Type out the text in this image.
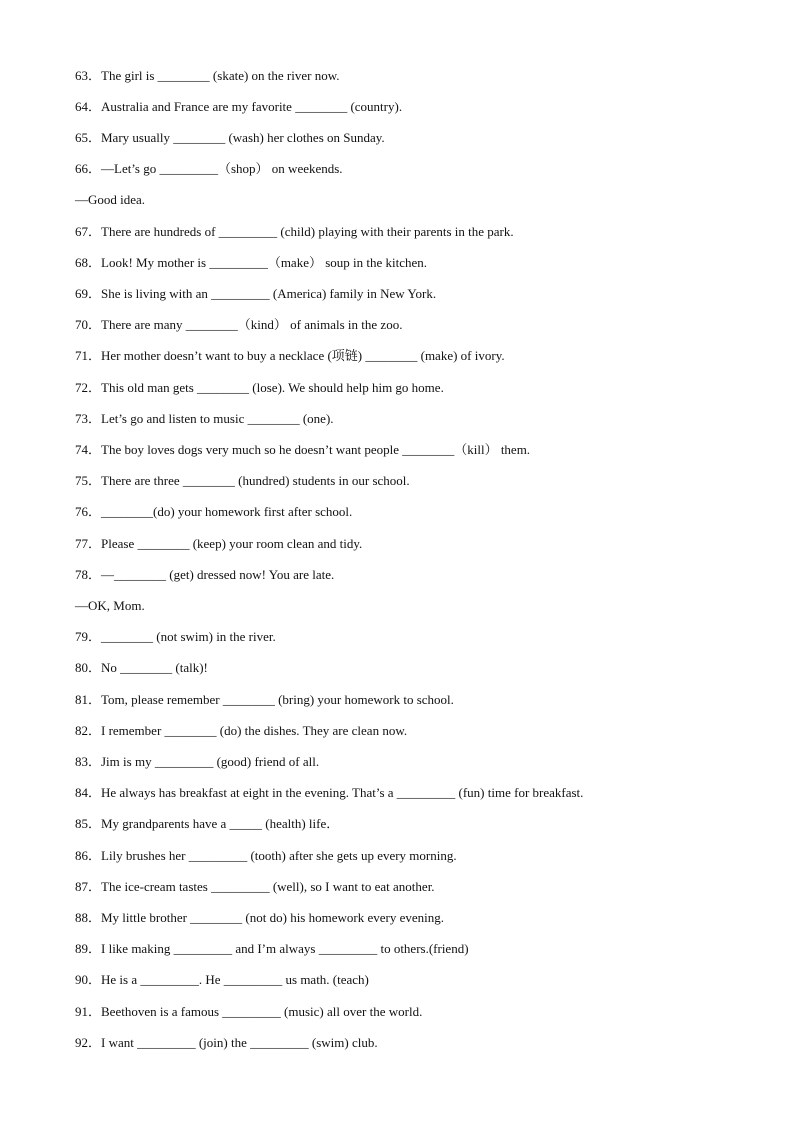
63．The girl is ________ (skate) on the river now.
64．Australia and France are my favorite ________ (country).
65．Mary usually ________ (wash) her clothes on Sunday.
66．—Let’s go _________（shop） on weekends.
—Good idea.
67．There are hundreds of _________ (child) playing with their parents in the park.
68．Look! My mother is _________（make） soup in the kitchen.
69．She is living with an _________ (America) family in New York.
70．There are many ________（kind） of animals in the zoo.
71．Her mother doesn’t want to buy a necklace (项链) ________ (make) of ivory.
72．This old man gets ________ (lose). We should help him go home.
73．Let’s go and listen to music ________ (one).
74．The boy loves dogs very much so he doesn’t want people ________（kill） them.
75．There are three ________ (hundred) students in our school.
76．________(do) your homework first after school.
77．Please ________ (keep) your room clean and tidy.
78．—________ (get) dressed now! You are late.
—OK, Mom.
79．________ (not swim) in the river.
80．No ________ (talk)!
81．Tom, please remember ________ (bring) your homework to school.
82．I remember ________ (do) the dishes. They are clean now.
83．Jim is my _________ (good) friend of all.
84．He always has breakfast at eight in the evening. That’s a _________ (fun) time for breakfast.
85．My grandparents have a _____ (health) life．
86．Lily brushes her _________ (tooth) after she gets up every morning.
87．The ice-cream tastes _________ (well), so I want to eat another.
88．My little brother ________ (not do) his homework every evening.
89．I like making _________ and I’m always _________ to others.(friend)
90．He is a _________. He _________ us math. (teach)
91．Beethoven is a famous _________ (music) all over the world.
92．I want _________ (join) the _________ (swim) club.
